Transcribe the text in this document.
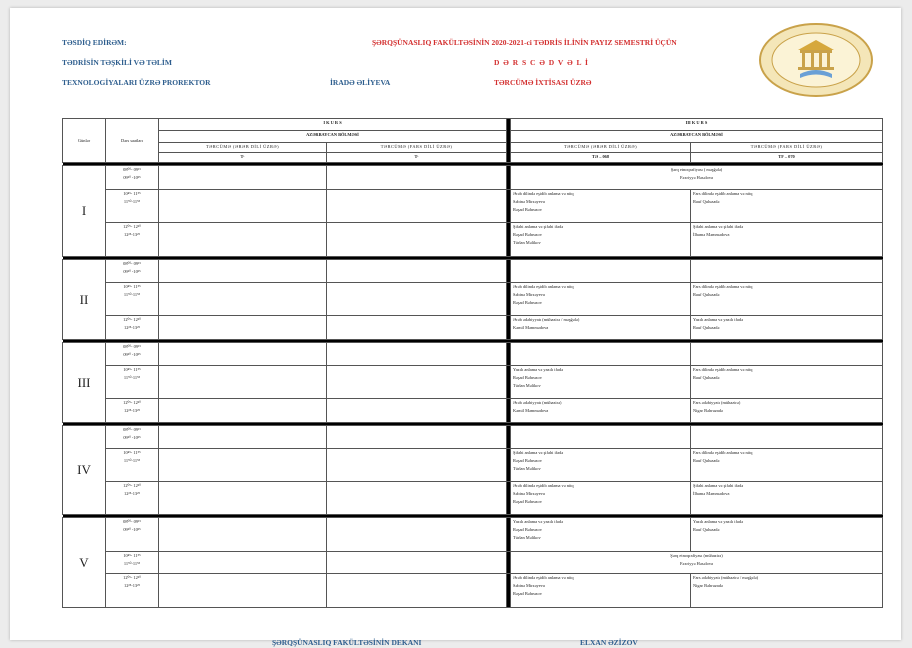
TƏSDİQ EDİRƏM:
TƏDRİSİN TƏŞKİLİ VƏ TƏLİM
TEXNOLOGİYALARI ÜZRƏ PROREKTOR	İRADƏ ƏLİYEVA
ŞƏRQŞÜNASLIQ FAKÜLTƏSİNİN 2020-2021-ci TƏDRİS İLİNİN PAYIZ SEMESTRİ ÜÇÜN
D Ə R S C Ə D V Ə L İ
TƏRCÜMƏ İXTİSASI ÜZRƏ
Günlər	Dərs saatları	I K U R S			III K U R S	
		AZƏRBAYCAN BÖLMƏSİ			AZƏRBAYCAN BÖLMƏSİ	
		TƏRCÜMƏ (ƏRƏB DİLİ ÜZRƏ)	TƏRCÜMƏ (FARS DİLİ ÜZRƏ)		TƏRCÜMƏ (ƏRƏB DİLİ ÜZRƏ)	TƏRCÜMƏ (FARS DİLİ ÜZRƏ)
		T-	T-		TƏ – 068	TF – 070

I	08⁰⁰- 09¹⁵
09²⁰ -10³⁵				Şərq etnoqrafiyası ( məşğələ)
Fəxriyyə Həsəlova	

	10⁴⁵- 11⁵⁵
11⁵⁰-11⁵⁵				Ərəb dilində eşidib anlama və nitq
Səbinə Mirzəyeva
Rəşad Bəhruzov	Fars dilində eşidib anlama və nitq
Rauf Quluzadə

	12⁰⁵- 12²⁰
12²⁵-13²⁵				Şifahi anlama və şifahi ifadə
Rəşad Bəhruzov
Türlan Məlikov	Şifahi anlama və şifahi ifadə
İlhamə Məmmədova

II	08⁰⁰- 09¹⁵
09²⁰ -10³⁵					

	10⁴⁵- 11⁵⁵
11⁵⁰-11⁵⁵				Ərəb dilində eşidib anlama və nitq
Səbinə Mirzəyeva
Rəşad Bəhruzov	Fars dilində eşidib anlama və nitq
Rauf Quluzadə

	12⁰⁵- 12²⁰
12²⁵-13²⁵				Ərəb ədəbiyyatı (mühazirə / məşğələ)
Kəmil Məmmədova	Yazılı anlama və yazılı ifadə
Rauf Quluzadə

III	08⁰⁰- 09¹⁵
09²⁰ -10³⁵					

	10⁴⁵- 11⁵⁵
11⁵⁰-11⁵⁵				Yazılı anlama və yazılı ifadə
Rəşad Bəhruzov
Türlan Məlikov	Fars dilində eşidib anlama və nitq
Rauf Quluzadə

	12⁰⁵- 12²⁰
12²⁵-13²⁵				Ərəb ədəbiyyatı (mühazirə)
Kəmil Məmmədova	Fars ədəbiyyatı (mühazirə)
Nigar Bəhruzadə

IV	08⁰⁰- 09¹⁵
09²⁰ -10³⁵					

	10⁴⁵- 11⁵⁵
11⁵⁰-11⁵⁵				Şifahi anlama və şifahi ifadə
Rəşad Bəhruzov
Türlan Məlikov	Fars dilində eşidib anlama və nitq
Rauf Quluzadə

	12⁰⁵- 12²⁰
12²⁵-13²⁵				Ərəb dilində eşidib anlama və nitq
Səbinə Mirzəyeva
Rəşad Bəhruzov	Şifahi anlama və şifahi ifadə
İlhamə Məmmədova

V	08⁰⁰- 09¹⁵
09²⁰ -10³⁵				Yazılı anlama və yazılı ifadə
Rəşad Bəhruzov
Türlan Məlikov	Yazılı anlama və yazılı ifadə
Rauf Quluzadə

	10⁴⁵- 11⁵⁵
11⁵⁰-11⁵⁵				Şərq etnoqrafiyası (mühazirə)
Fəxriyyə Həsəlova	

	12⁰⁵- 12²⁰
12²⁵-13²⁵				Ərəb dilində eşidib anlama və nitq
Səbinə Mirzəyeva
Rəşad Bəhruzov	Fars ədəbiyyatı (mühazirə / məşğələ)
Nigar Bəhruzadə
ŞƏRQŞÜNASLIQ FAKÜLTƏSİNİN DEKANI	ELXAN ƏZİZOV
